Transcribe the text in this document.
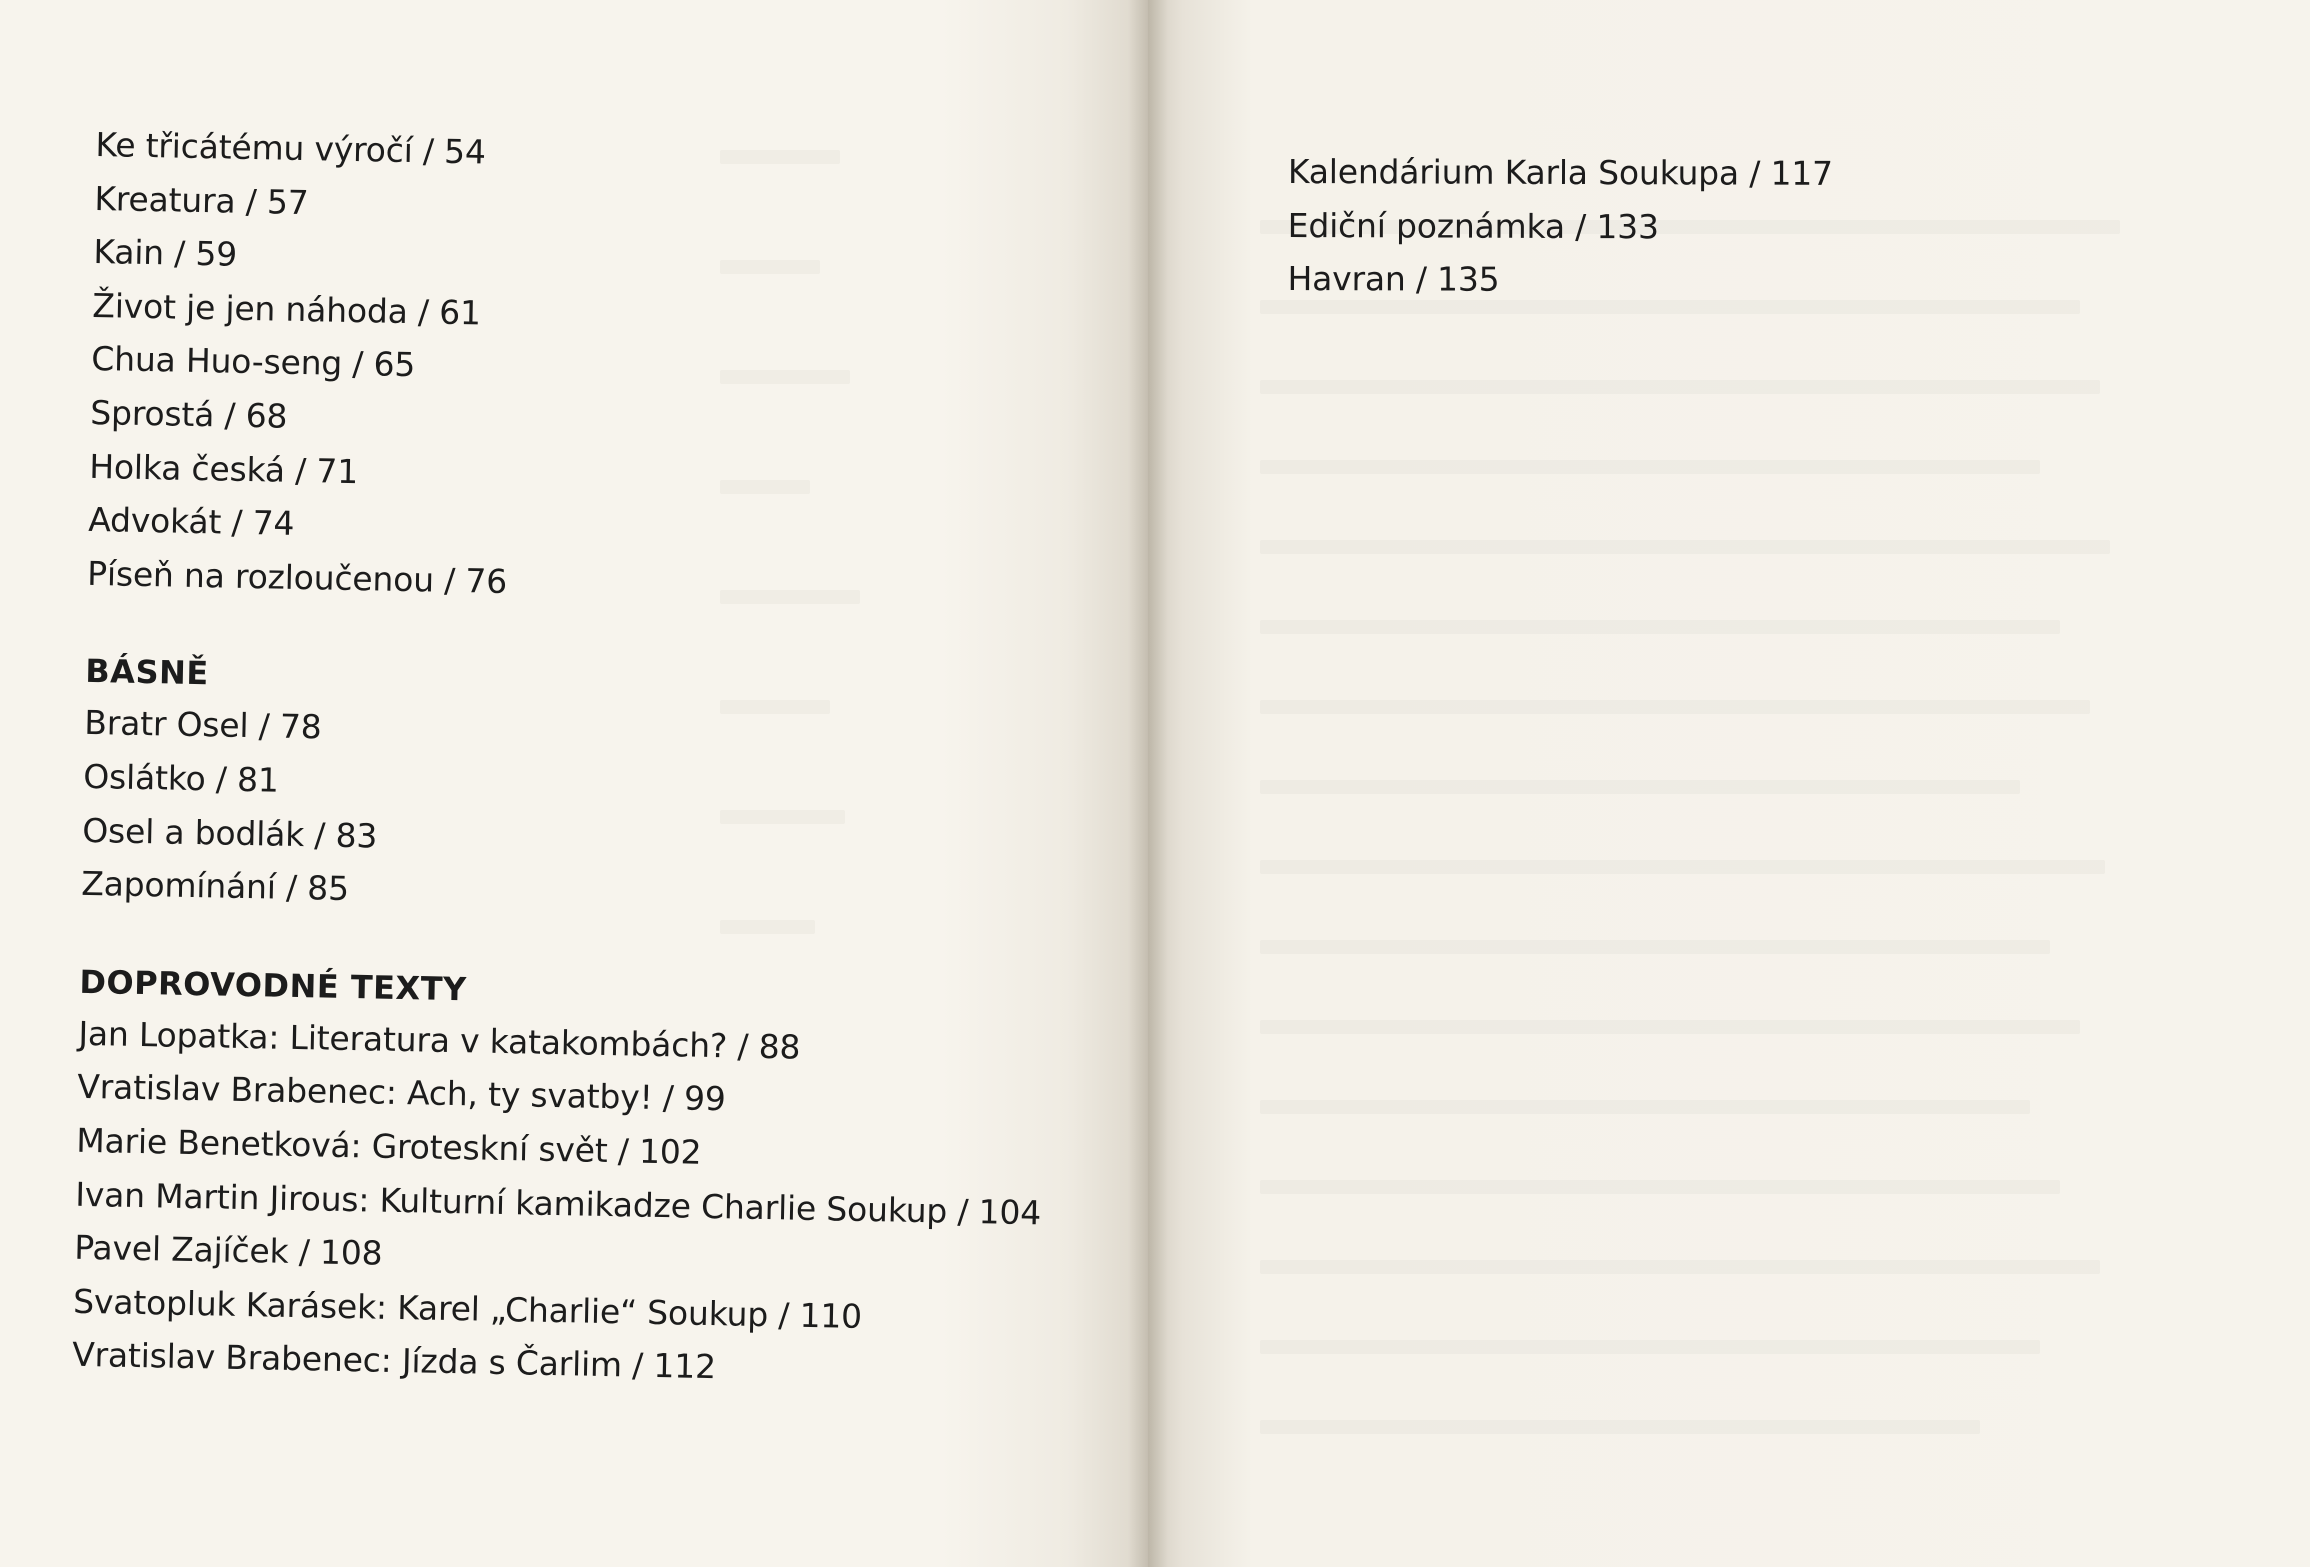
Ke třicátému výročí / 54
Kreatura / 57
Kain / 59
Život je jen náhoda / 61
Chua Huo-seng / 65
Sprostá / 68
Holka česká / 71
Advokát / 74
Píseň na rozloučenou / 76
BÁSNĚ
Bratr Osel / 78
Oslátko / 81
Osel a bodlák / 83
Zapomínání / 85
DOPROVODNÉ TEXTY
Jan Lopatka: Literatura v katakombách? / 88
Vratislav Brabenec: Ach, ty svatby! / 99
Marie Benetková: Groteskní svět / 102
Ivan Martin Jirous: Kulturní kamikadze Charlie Soukup / 104
Pavel Zajíček / 108
Svatopluk Karásek: Karel „Charlie“ Soukup / 110
Vratislav Brabenec: Jízda s Čarlim / 112
Kalendárium Karla Soukupa / 117
Ediční poznámka / 133
Havran / 135
